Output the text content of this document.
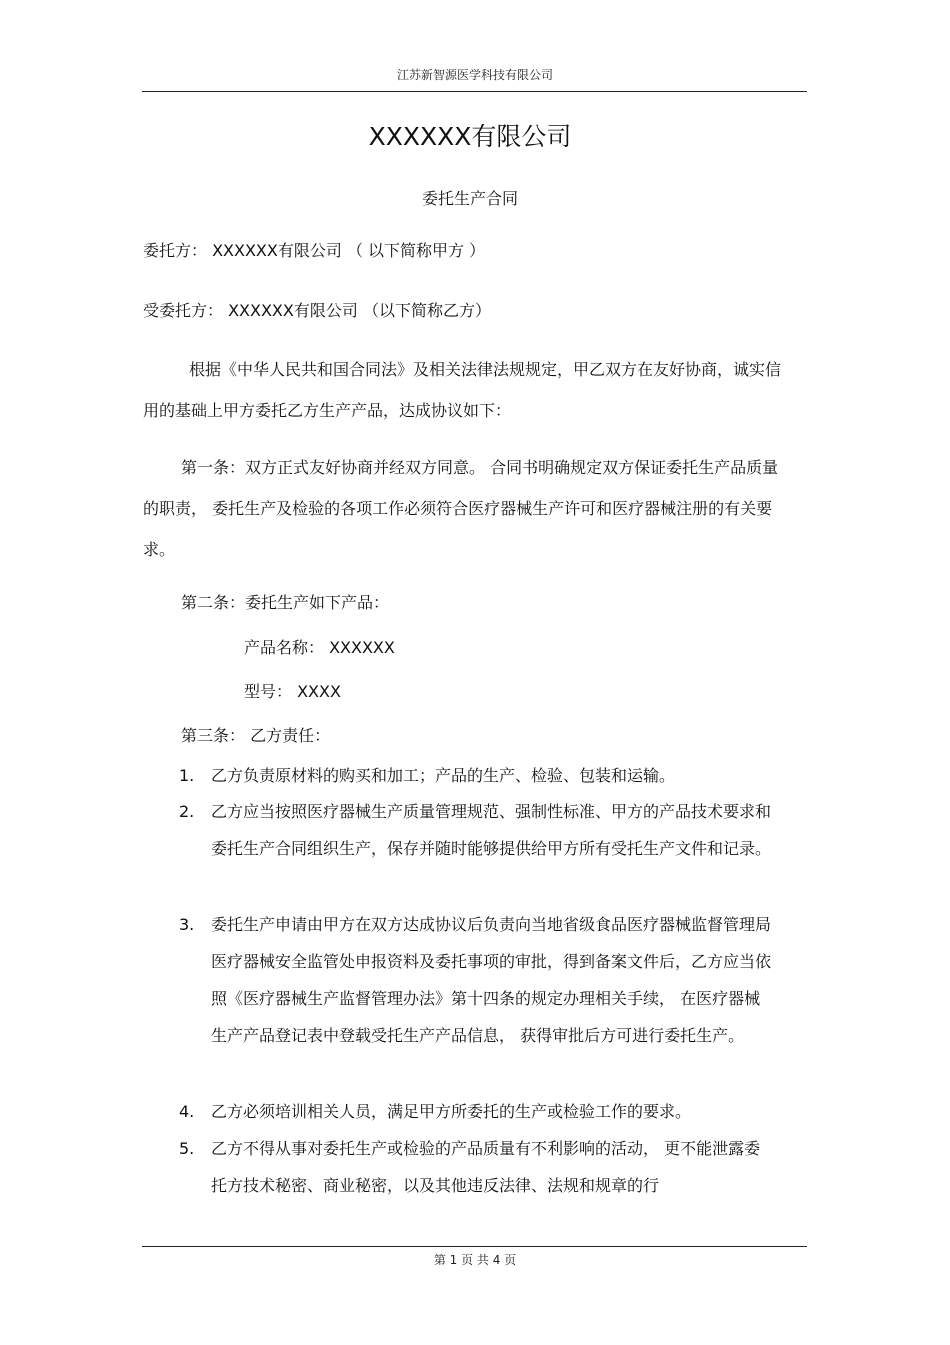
江苏新智源医学科技有限公司
XXXXXX有限公司
委托生产合同
委托方： XXXXXX有限公司 （ 以下简称甲方 ）
受委托方： XXXXXX有限公司 （以下简称乙方）
根据《中华人民共和国合同法》及相关法律法规规定，甲乙双方在友好协商，诚实信用的基础上甲方委托乙方生产产品，达成协议如下：
第一条：双方正式友好协商并经双方同意。 合同书明确规定双方保证委托生产品质量的职责， 委托生产及检验的各项工作必须符合医疗器械生产许可和医疗器械注册的有关要求。
第二条：委托生产如下产品：
产品名称： XXXXXX
型号： XXXX
第三条： 乙方责任：
1. 乙方负责原材料的购买和加工；产品的生产、检验、包装和运输。
2. 乙方应当按照医疗器械生产质量管理规范、强制性标准、甲方的产品技术要求和委托生产合同组织生产，保存并随时能够提供给甲方所有受托生产文件和记录。
3. 委托生产申请由甲方在双方达成协议后负责向当地省级食品医疗器械监督管理局医疗器械安全监管处申报资料及委托事项的审批，得到备案文件后，乙方应当依照《医疗器械生产监督管理办法》第十四条的规定办理相关手续， 在医疗器械生产产品登记表中登载受托生产产品信息， 获得审批后方可进行委托生产。
4. 乙方必须培训相关人员，满足甲方所委托的生产或检验工作的要求。
5. 乙方不得从事对委托生产或检验的产品质量有不利影响的活动， 更不能泄露委托方技术秘密、商业秘密，以及其他违反法律、法规和规章的行
第 1 页 共 4 页
